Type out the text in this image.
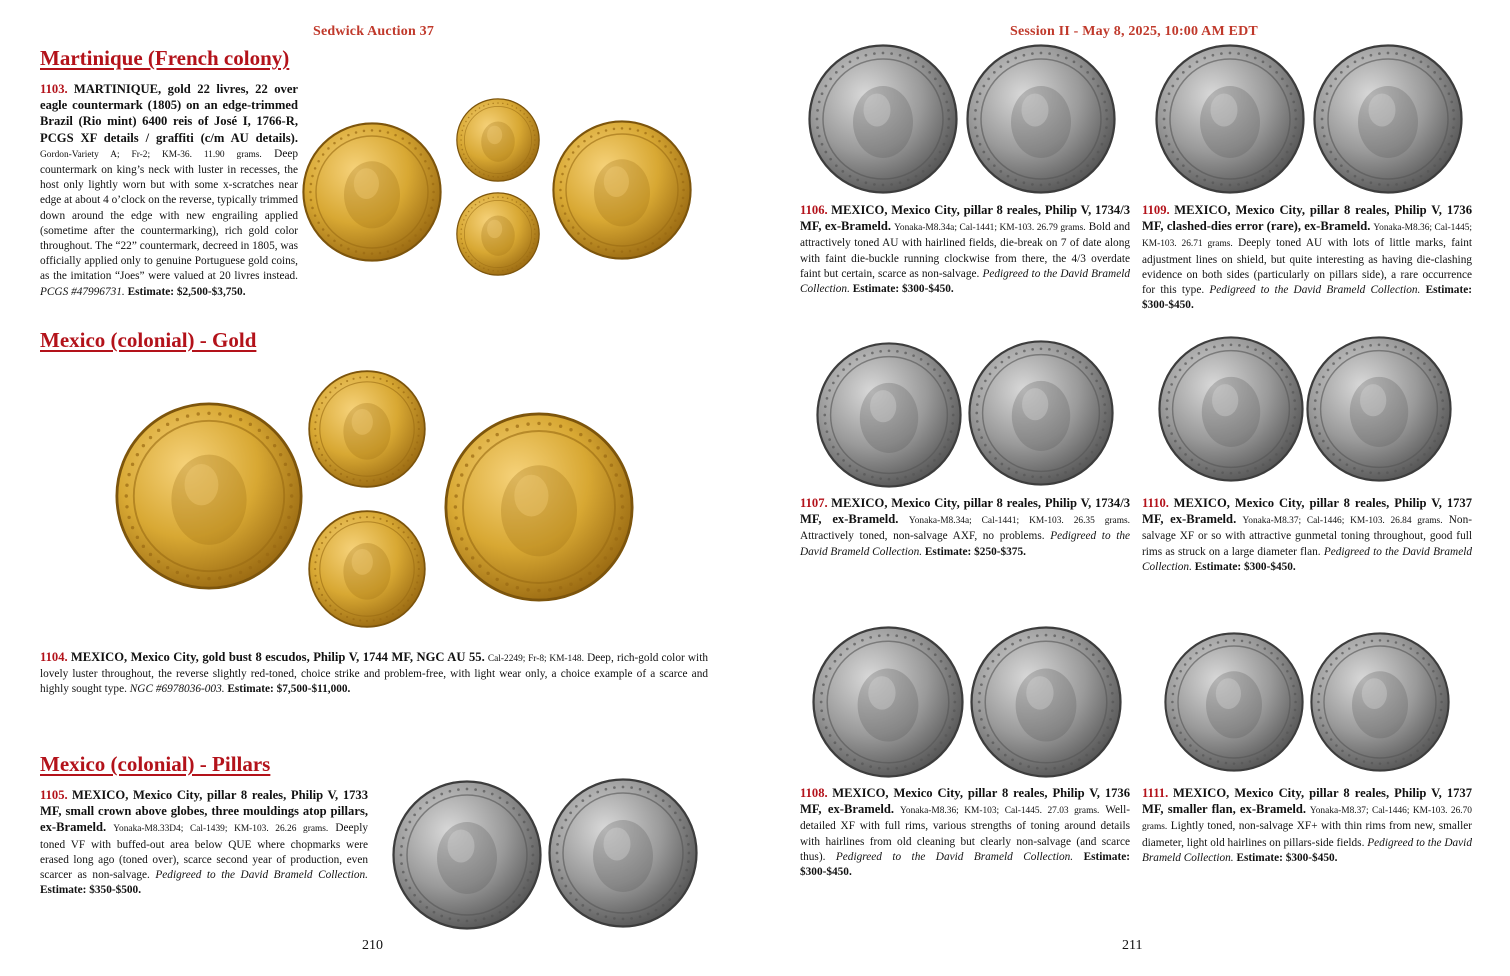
Sedwick Auction 37
Martinique (French colony)
1103. MARTINIQUE, gold 22 livres, 22 over eagle countermark (1805) on an edge-trimmed Brazil (Rio mint) 6400 reis of José I, 1766-R, PCGS XF details / graffiti (c/m AU details). Gordon-Variety A; Fr-2; KM-36. 11.90 grams. Deep countermark on king’s neck with luster in recesses, the host only lightly worn but with some x-scratches near edge at about 4 o’clock on the reverse, typically trimmed down around the edge with new engrailing applied (sometime after the countermarking), rich gold color throughout. The “22” countermark, decreed in 1805, was officially applied only to genuine Portuguese gold coins, as the imitation “Joes” were valued at 20 livres instead. PCGS #47996731. Estimate: $2,500-$3,750.
Mexico (colonial) - Gold
1104. MEXICO, Mexico City, gold bust 8 escudos, Philip V, 1744 MF, NGC AU 55. Cal-2249; Fr-8; KM-148. Deep, rich-gold color with lovely luster throughout, the reverse slightly red-toned, choice strike and problem-free, with light wear only, a choice example of a scarce and highly sought type. NGC #6978036-003. Estimate: $7,500-$11,000.
Mexico (colonial) - Pillars
1105. MEXICO, Mexico City, pillar 8 reales, Philip V, 1733 MF, small crown above globes, three mouldings atop pillars, ex-Brameld. Yonaka-M8.33D4; Cal-1439; KM-103. 26.26 grams. Deeply toned VF with buffed-out area below QUE where chopmarks were erased long ago (toned over), scarce second year of production, even scarcer as non-salvage. Pedigreed to the David Brameld Collection. Estimate: $350-$500.
210
Session II - May 8, 2025, 10:00 AM EDT
1106. MEXICO, Mexico City, pillar 8 reales, Philip V, 1734/3 MF, ex-Brameld. Yonaka-M8.34a; Cal-1441; KM-103. 26.79 grams. Bold and attractively toned AU with hairlined fields, die-break on 7 of date along with faint die-buckle running clockwise from there, the 4/3 overdate faint but certain, scarce as non-salvage. Pedigreed to the David Brameld Collection. Estimate: $300-$450.
1109. MEXICO, Mexico City, pillar 8 reales, Philip V, 1736 MF, clashed-dies error (rare), ex-Brameld. Yonaka-M8.36; Cal-1445; KM-103. 26.71 grams. Deeply toned AU with lots of little marks, faint adjustment lines on shield, but quite interesting as having die-clashing evidence on both sides (particularly on pillars side), a rare occurrence for this type. Pedigreed to the David Brameld Collection. Estimate: $300-$450.
1107. MEXICO, Mexico City, pillar 8 reales, Philip V, 1734/3 MF, ex-Brameld. Yonaka-M8.34a; Cal-1441; KM-103. 26.35 grams. Attractively toned, non-salvage AXF, no problems. Pedigreed to the David Brameld Collection. Estimate: $250-$375.
1110. MEXICO, Mexico City, pillar 8 reales, Philip V, 1737 MF, ex-Brameld. Yonaka-M8.37; Cal-1446; KM-103. 26.84 grams. Non-salvage XF or so with attractive gunmetal toning throughout, good full rims as struck on a large diameter flan. Pedigreed to the David Brameld Collection. Estimate: $300-$450.
1108. MEXICO, Mexico City, pillar 8 reales, Philip V, 1736 MF, ex-Brameld. Yonaka-M8.36; KM-103; Cal-1445. 27.03 grams. Well-detailed XF with full rims, various strengths of toning around details with hairlines from old cleaning but clearly non-salvage (and scarce thus). Pedigreed to the David Brameld Collection. Estimate: $300-$450.
1111. MEXICO, Mexico City, pillar 8 reales, Philip V, 1737 MF, smaller flan, ex-Brameld. Yonaka-M8.37; Cal-1446; KM-103. 26.70 grams. Lightly toned, non-salvage XF+ with thin rims from new, smaller diameter, light old hairlines on pillars-side fields. Pedigreed to the David Brameld Collection. Estimate: $300-$450.
211
